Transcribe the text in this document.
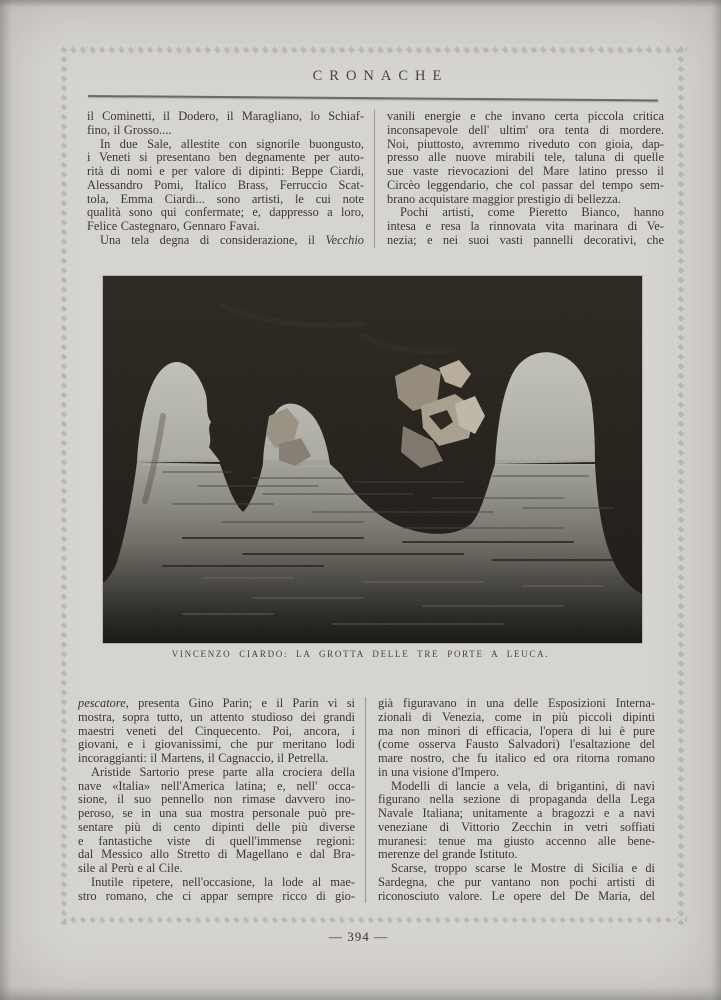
CRONACHE
il Cominetti, il Dodero, il Maragliano, lo Schiaf-
fino, il Grosso....
In due Sale, allestite con signorile buongusto,
i Veneti si presentano ben degnamente per auto-
rità di nomi e per valore di dipinti: Beppe Ciardi,
Alessandro Pomi, Italico Brass, Ferruccio Scat-
tola, Emma Ciardi... sono artisti, le cui note
qualità sono qui confermate; e, dappresso a loro,
Felice Castegnaro, Gennaro Favai.
Una tela degna di considerazione, il Vecchio
vanili energie e che invano certa piccola critica
inconsapevole dell' ultim' ora tenta di mordere.
Noi, piuttosto, avremmo riveduto con gioia, dap-
presso alle nuove mirabili tele, taluna di quelle
sue vaste rievocazioni del Mare latino presso il
Circèo leggendario, che col passar del tempo sem-
brano acquistare maggior prestigio di bellezza.
Pochi artisti, come Pieretto Bianco, hanno
intesa e resa la rinnovata vita marinara di Ve-
nezia; e nei suoi vasti pannelli decorativi, che
VINCENZO CIARDO: LA GROTTA DELLE TRE PORTE A LEUCA.
pescatore, presenta Gino Parin; e il Parin vi si
mostra, sopra tutto, un attento studioso dei grandi
maestri veneti del Cinquecento. Poi, ancora, i
giovani, e i giovanissimi, che pur meritano lodi
incoraggianti: il Martens, il Cagnaccio, il Petrella.
Aristide Sartorio prese parte alla crociera della
nave «Italia» nell'America latina; e, nell' occa-
sione, il suo pennello non rimase davvero ino-
peroso, se in una sua mostra personale può pre-
sentare più di cento dipinti delle più diverse
e fantastiche viste di quell'immense regioni:
dal Messico allo Stretto di Magellano e dal Bra-
sile al Perù e al Cile.
Inutile ripetere, nell'occasione, la lode al mae-
stro romano, che ci appar sempre ricco di gio-
già figuravano in una delle Esposizioni Interna-
zionali di Venezia, come in più piccoli dipinti
ma non minori di efficacia, l'opera di lui è pure
(come osserva Fausto Salvadori) l'esaltazione del
mare nostro, che fu italico ed ora ritorna romano
in una visione d'Impero.
Modelli di lancie a vela, di brigantini, di navi
figurano nella sezione di propaganda della Lega
Navale Italiana; unitamente a bragozzi e a navi
veneziane di Vittorio Zecchin in vetri soffiati
muranesi: tenue ma giusto accenno alle bene-
merenze del grande Istituto.
Scarse, troppo scarse le Mostre di Sicilia e di
Sardegna, che pur vantano non pochi artisti di
riconosciuto valore. Le opere del De Maria, del
— 394 —
